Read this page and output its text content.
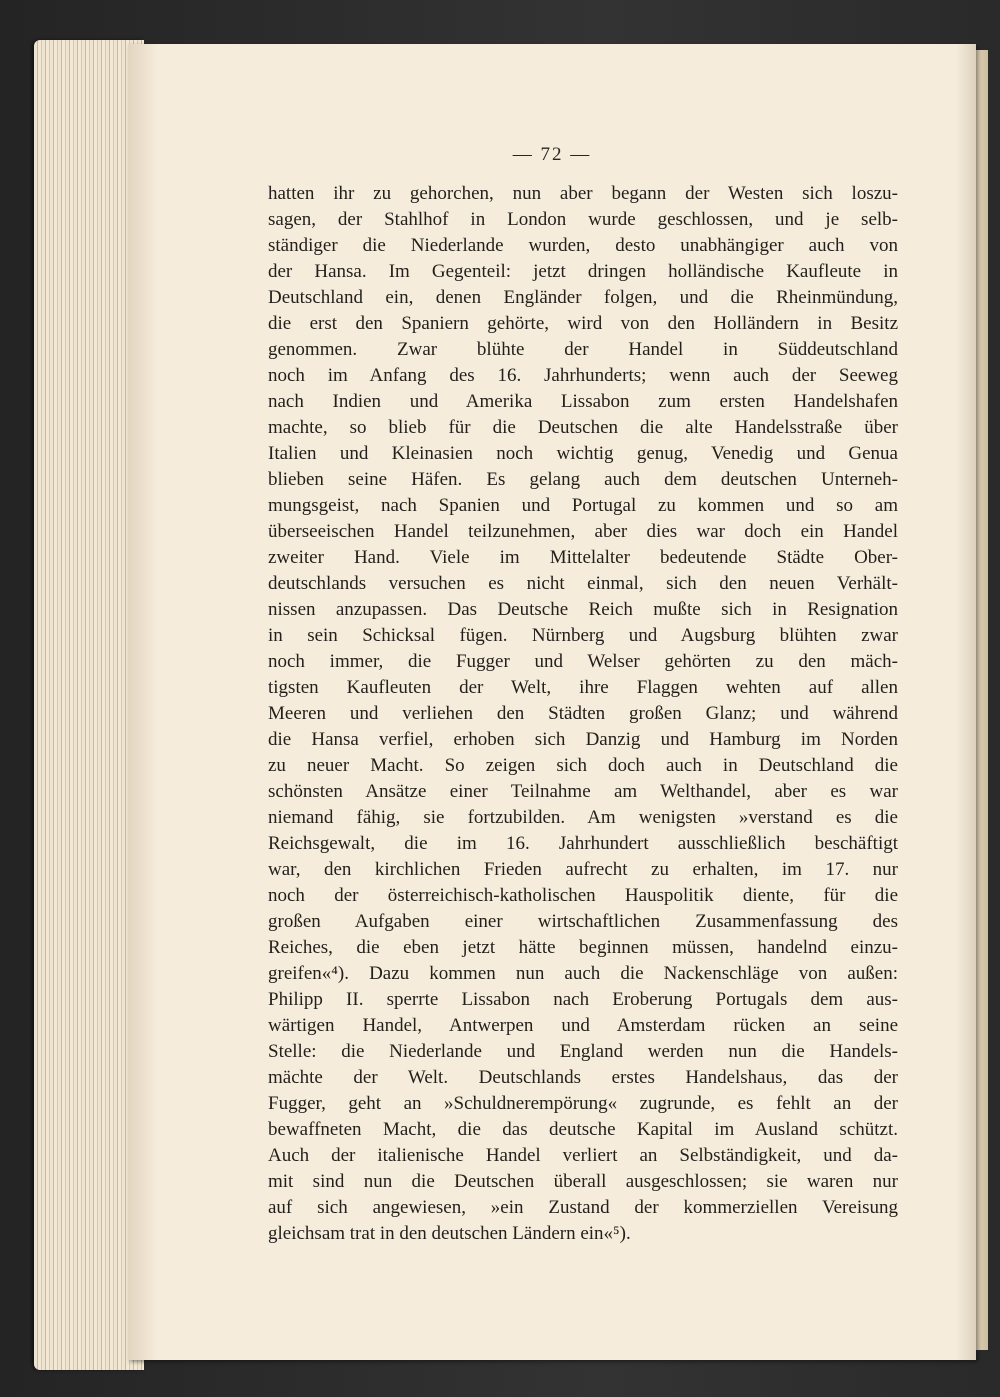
— 72 —
hatten ihr zu gehorchen, nun aber begann der Westen sich loszu-
sagen, der Stahlhof in London wurde geschlossen, und je selb-
ständiger die Niederlande wurden, desto unabhängiger auch von
der Hansa. Im Gegenteil: jetzt dringen holländische Kaufleute in
Deutschland ein, denen Engländer folgen, und die Rheinmündung,
die erst den Spaniern gehörte, wird von den Holländern in Besitz
genommen. Zwar blühte der Handel in Süddeutschland
noch im Anfang des 16. Jahrhunderts; wenn auch der Seeweg
nach Indien und Amerika Lissabon zum ersten Handelshafen
machte, so blieb für die Deutschen die alte Handelsstraße über
Italien und Kleinasien noch wichtig genug, Venedig und Genua
blieben seine Häfen. Es gelang auch dem deutschen Unterneh-
mungsgeist, nach Spanien und Portugal zu kommen und so am
überseeischen Handel teilzunehmen, aber dies war doch ein Handel
zweiter Hand. Viele im Mittelalter bedeutende Städte Ober-
deutschlands versuchen es nicht einmal, sich den neuen Verhält-
nissen anzupassen. Das Deutsche Reich mußte sich in Resignation
in sein Schicksal fügen. Nürnberg und Augsburg blühten zwar
noch immer, die Fugger und Welser gehörten zu den mäch-
tigsten Kaufleuten der Welt, ihre Flaggen wehten auf allen
Meeren und verliehen den Städten großen Glanz; und während
die Hansa verfiel, erhoben sich Danzig und Hamburg im Norden
zu neuer Macht. So zeigen sich doch auch in Deutschland die
schönsten Ansätze einer Teilnahme am Welthandel, aber es war
niemand fähig, sie fortzubilden. Am wenigsten »verstand es die
Reichsgewalt, die im 16. Jahrhundert ausschließlich beschäftigt
war, den kirchlichen Frieden aufrecht zu erhalten, im 17. nur
noch der österreichisch-katholischen Hauspolitik diente, für die
großen Aufgaben einer wirtschaftlichen Zusammenfassung des
Reiches, die eben jetzt hätte beginnen müssen, handelnd einzu-
greifen«⁴). Dazu kommen nun auch die Nackenschläge von außen:
Philipp II. sperrte Lissabon nach Eroberung Portugals dem aus-
wärtigen Handel, Antwerpen und Amsterdam rücken an seine
Stelle: die Niederlande und England werden nun die Handels-
mächte der Welt. Deutschlands erstes Handelshaus, das der
Fugger, geht an »Schuldnerempörung« zugrunde, es fehlt an der
bewaffneten Macht, die das deutsche Kapital im Ausland schützt.
Auch der italienische Handel verliert an Selbständigkeit, und da-
mit sind nun die Deutschen überall ausgeschlossen; sie waren nur
auf sich angewiesen, »ein Zustand der kommerziellen Vereisung
gleichsam trat in den deutschen Ländern ein«⁵).
